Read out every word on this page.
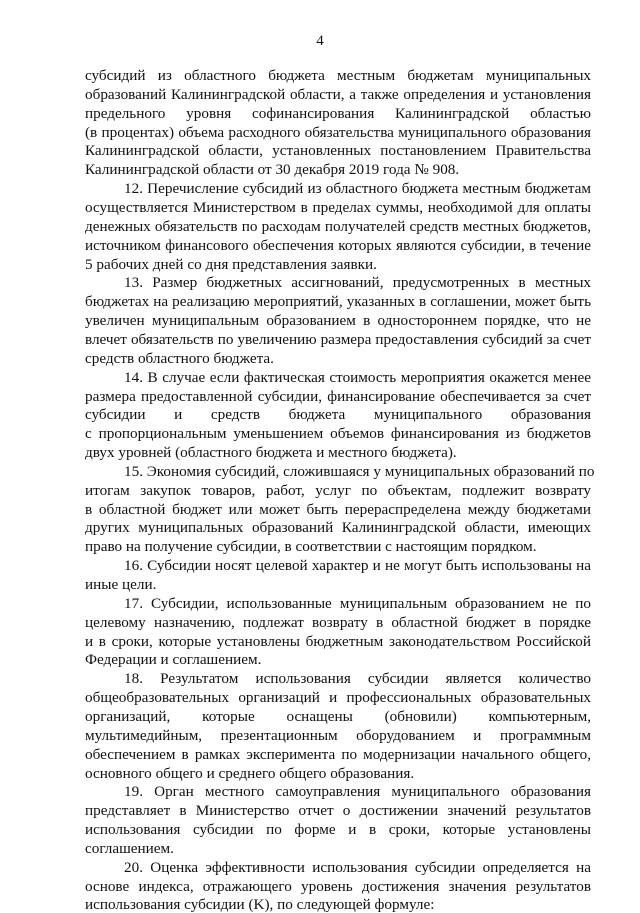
4
субсидий из областного бюджета местным бюджетам муниципальных
образований Калининградской области, а также определения и установления
предельного уровня софинансирования Калининградской областью
(в процентах) объема расходного обязательства муниципального образования
Калининградской области, установленных постановлением Правительства
Калининградской области от 30 декабря 2019 года № 908.
12. Перечисление субсидий из областного бюджета местным бюджетам
осуществляется Министерством в пределах суммы, необходимой для оплаты
денежных обязательств по расходам получателей средств местных бюджетов,
источником финансового обеспечения которых являются субсидии, в течение
5 рабочих дней со дня представления заявки.
13. Размер бюджетных ассигнований, предусмотренных в местных
бюджетах на реализацию мероприятий, указанных в соглашении, может быть
увеличен муниципальным образованием в одностороннем порядке, что не
влечет обязательств по увеличению размера предоставления субсидий за счет
средств областного бюджета.
14. В случае если фактическая стоимость мероприятия окажется менее
размера предоставленной субсидии, финансирование обеспечивается за счет
субсидии и средств бюджета муниципального образования
с пропорциональным уменьшением объемов финансирования из бюджетов
двух уровней (областного бюджета и местного бюджета).
15. Экономия субсидий, сложившаяся у муниципальных образований по
итогам закупок товаров, работ, услуг по объектам, подлежит возврату
в областной бюджет или может быть перераспределена между бюджетами
других муниципальных образований Калининградской области, имеющих
право на получение субсидии, в соответствии с настоящим порядком.
16. Субсидии носят целевой характер и не могут быть использованы на
иные цели.
17. Субсидии, использованные муниципальным образованием не по
целевому назначению, подлежат возврату в областной бюджет в порядке
и в сроки, которые установлены бюджетным законодательством Российской
Федерации и соглашением.
18. Результатом использования субсидии является количество
общеобразовательных организаций и профессиональных образовательных
организаций, которые оснащены (обновили) компьютерным,
мультимедийным, презентационным оборудованием и программным
обеспечением в рамках эксперимента по модернизации начального общего,
основного общего и среднего общего образования.
19. Орган местного самоуправления муниципального образования
представляет в Министерство отчет о достижении значений результатов
использования субсидии по форме и в сроки, которые установлены
соглашением.
20. Оценка эффективности использования субсидии определяется на
основе индекса, отражающего уровень достижения значения результатов
использования субсидии (K), по следующей формуле:
